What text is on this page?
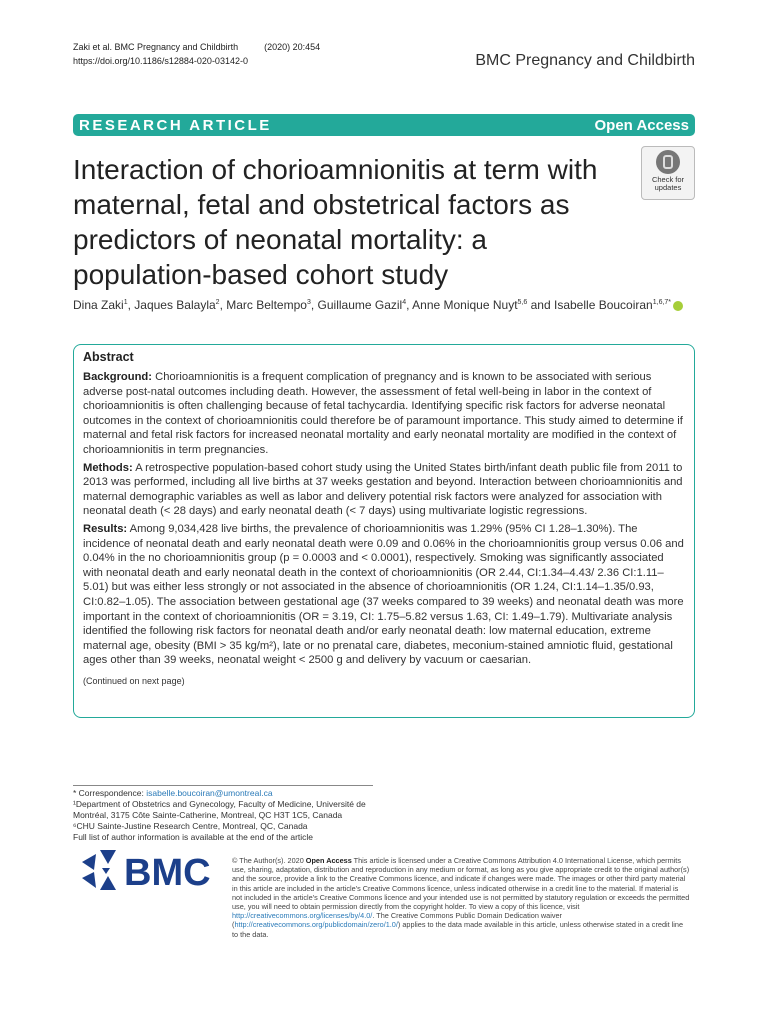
Zaki et al. BMC Pregnancy and Childbirth	(2020) 20:454
https://doi.org/10.1186/s12884-020-03142-0	BMC Pregnancy and Childbirth
RESEARCH ARTICLE	Open Access
Interaction of chorioamnionitis at term with maternal, fetal and obstetrical factors as predictors of neonatal mortality: a population-based cohort study
Check for
updates
Dina Zaki$^1$, Jaques Balayla$^2$, Marc Beltempo$^3$, Guillaume Gazil$^4$, Anne Monique Nuyt$^{5,6}$ and Isabelle Boucoiran$^{1,6,7*}$
Abstract

Background: Chorioamnionitis is a frequent complication of pregnancy and is known to be associated with serious adverse post-natal outcomes including death. However, the assessment of fetal well-being in labor in the context of chorioamnionitis is often challenging because of fetal tachycardia. Identifying specific risk factors for adverse neonatal outcomes in the context of chorioamnionitis could therefore be of paramount importance. This study aimed to determine if maternal and fetal risk factors for increased neonatal mortality and early neonatal mortality are modified in the context of chorioamnionitis in term pregnancies.

Methods: A retrospective population-based cohort study using the United States birth/infant death public file from 2011 to 2013 was performed, including all live births at 37 weeks gestation and beyond. Interaction between chorioamnionitis and maternal demographic variables as well as labor and delivery potential risk factors were analyzed for association with neonatal death (< 28 days) and early neonatal death (< 7 days) using multivariate logistic regressions.

Results: Among 9,034,428 live births, the prevalence of chorioamnionitis was 1.29% (95% CI 1.28–1.30%). The incidence of neonatal death and early neonatal death were 0.09 and 0.06% in the chorioamnionitis group versus 0.06 and 0.04% in the no chorioamnionitis group (p = 0.0003 and < 0.0001), respectively. Smoking was significantly associated with neonatal death and early neonatal death in the context of chorioamnionitis (OR 2.44, CI:1.34–4.43/ 2.36 CI:1.11–5.01) but was either less strongly or not associated in the absence of chorioamnionitis (OR 1.24, CI:1.14–1.35/0.93, CI:0.82–1.05). The association between gestational age (37 weeks compared to 39 weeks) and neonatal death was more important in the context of chorioamnionitis (OR = 3.19, CI: 1.75–5.82 versus 1.63, CI: 1.49–1.79). Multivariate analysis identified the following risk factors for neonatal death and/or early neonatal death: low maternal education, extreme maternal age, obesity (BMI > 35 kg/m²), late or no prenatal care, diabetes, meconium-stained amniotic fluid, gestational ages other than 39 weeks, neonatal weight < 2500 g and delivery by vacuum or caesarian.

(Continued on next page)

* Correspondence: isabelle.boucoiran@umontreal.ca
¹Department of Obstetrics and Gynecology, Faculty of Medicine, Université de Montréal, 3175 Côte Sainte-Catherine, Montreal, QC H3T 1C5, Canada
⁶CHU Sainte-Justine Research Centre, Montreal, QC, Canada
Full list of author information is available at the end of the article
BMC	© The Author(s). 2020 Open Access This article is licensed under a Creative Commons Attribution 4.0 International License, which permits use, sharing, adaptation, distribution and reproduction in any medium or format, as long as you give appropriate credit to the original author(s) and the source, provide a link to the Creative Commons licence, and indicate if changes were made. The images or other third party material in this article are included in the article's Creative Commons licence, unless indicated otherwise in a credit line to the material. If material is not included in the article's Creative Commons licence and your intended use is not permitted by statutory regulation or exceeds the permitted use, you will need to obtain permission directly from the copyright holder. To view a copy of this licence, visit http://creativecommons.org/licenses/by/4.0/. The Creative Commons Public Domain Dedication waiver (http://creativecommons.org/publicdomain/zero/1.0/) applies to the data made available in this article, unless otherwise stated in a credit line to the data.
